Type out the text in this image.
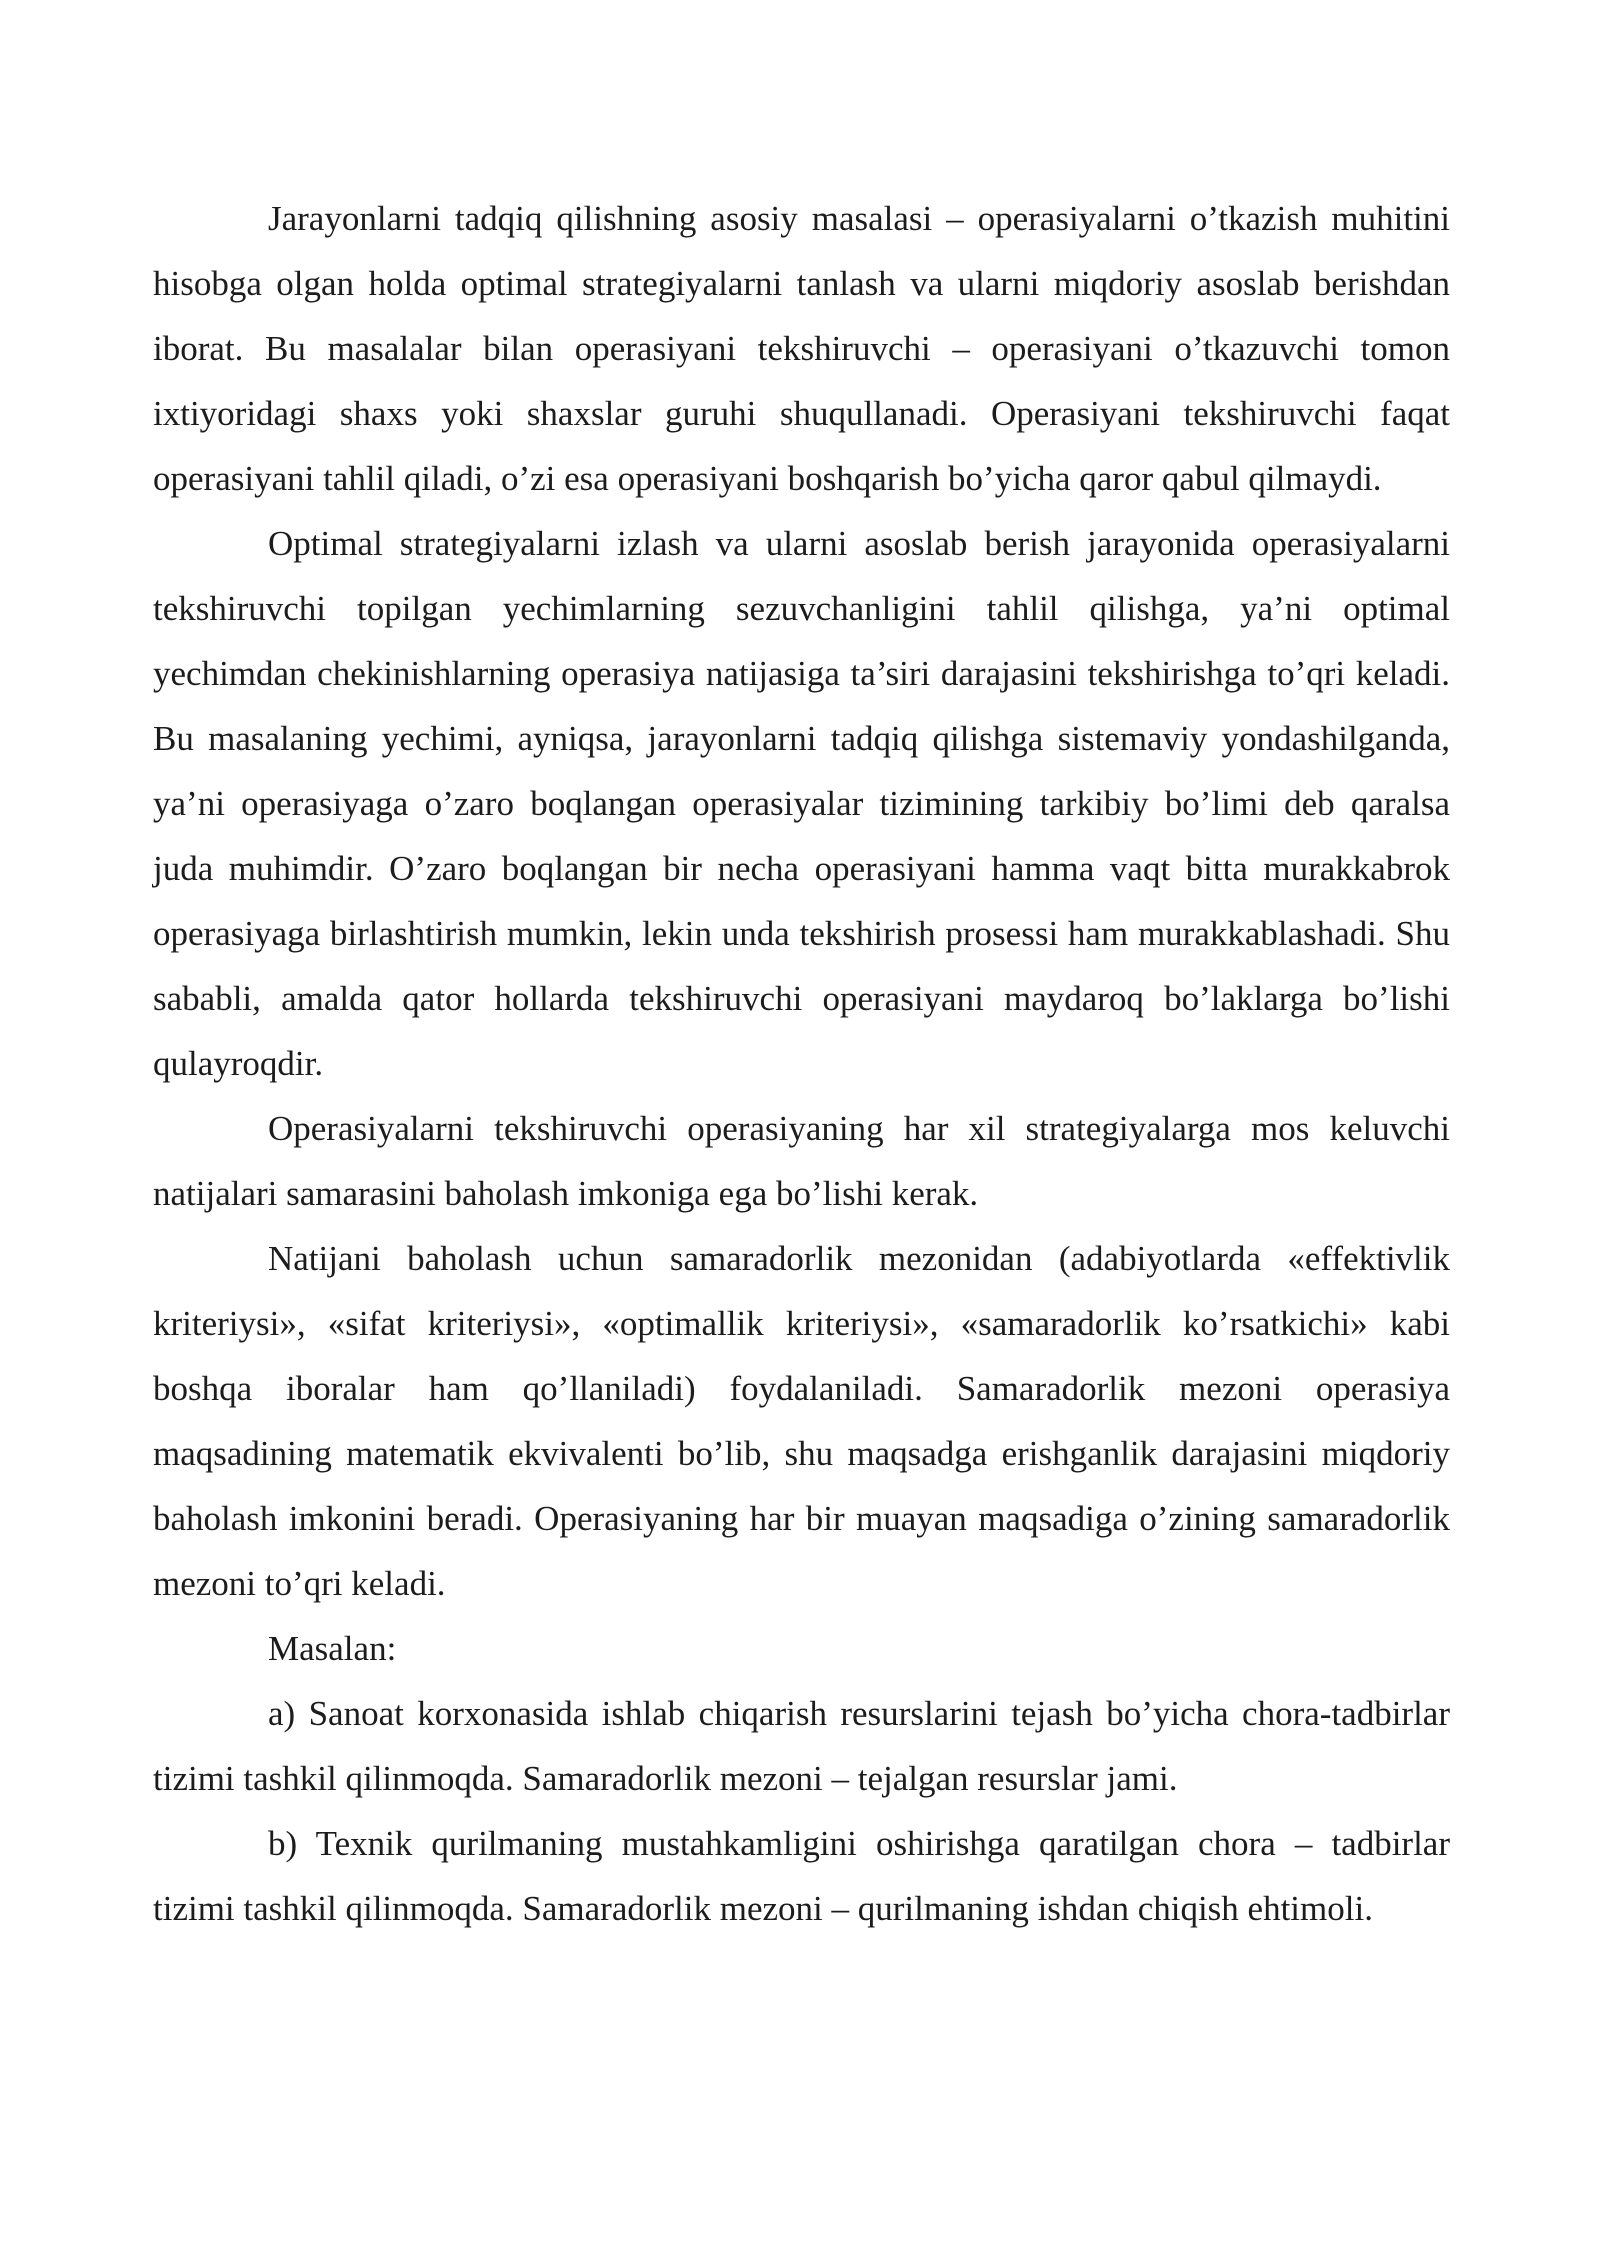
Jarayonlarni tadqiq qilishning asosiy masalasi – operasiyalarni o’tkazish muhitini hisobga olgan holda optimal strategiyalarni tanlash va ularni miqdoriy asoslab berishdan iborat. Bu masalalar bilan operasiyani tekshiruvchi – operasiyani o’tkazuvchi tomon ixtiyoridagi shaxs yoki shaxslar guruhi shuqullanadi. Operasiyani tekshiruvchi faqat operasiyani tahlil qiladi, o’zi esa operasiyani boshqarish bo’yicha qaror qabul qilmaydi.

Optimal strategiyalarni izlash va ularni asoslab berish jarayonida operasiyalarni tekshiruvchi topilgan yechimlarning sezuvchanligini tahlil qilishga, ya’ni optimal yechimdan chekinishlarning operasiya natijasiga ta’siri darajasini tekshirishga to’qri keladi. Bu masalaning yechimi, ayniqsa, jarayonlarni tadqiq qilishga sistemaviy yondashilganda, ya’ni operasiyaga o’zaro boqlangan operasiyalar tizimining tarkibiy bo’limi deb qaralsa juda muhimdir. O’zaro boqlangan bir necha operasiyani hamma vaqt bitta murakkabrok operasiyaga birlashtirish mumkin, lekin unda tekshirish prosessi ham murakkablashadi. Shu sababli, amalda qator hollarda tekshiruvchi operasiyani maydaroq bo’laklarga bo’lishi qulayroqdir.

Operasiyalarni tekshiruvchi operasiyaning har xil strategiyalarga mos keluvchi natijalari samarasini baholash imkoniga ega bo’lishi kerak.

Natijani baholash uchun samaradorlik mezonidan (adabiyotlarda «effektivlik kriteriysi», «sifat kriteriysi», «optimallik kriteriysi», «samaradorlik ko’rsatkichi» kabi boshqa iboralar ham qo’llaniladi) foydalaniladi. Samaradorlik mezoni operasiya maqsadining matematik ekvivalenti bo’lib, shu maqsadga erishganlik darajasini miqdoriy baholash imkonini beradi. Operasiyaning har bir muayan maqsadiga o’zining samaradorlik mezoni to’qri keladi.

Masalan:

a) Sanoat korxonasida ishlab chiqarish resurslarini tejash bo’yicha chora-tadbirlar tizimi tashkil qilinmoqda. Samaradorlik mezoni – tejalgan resurslar jami.

b) Texnik qurilmaning mustahkamligini oshirishga qaratilgan chora – tadbirlar tizimi tashkil qilinmoqda. Samaradorlik mezoni – qurilmaning ishdan chiqish ehtimoli.
